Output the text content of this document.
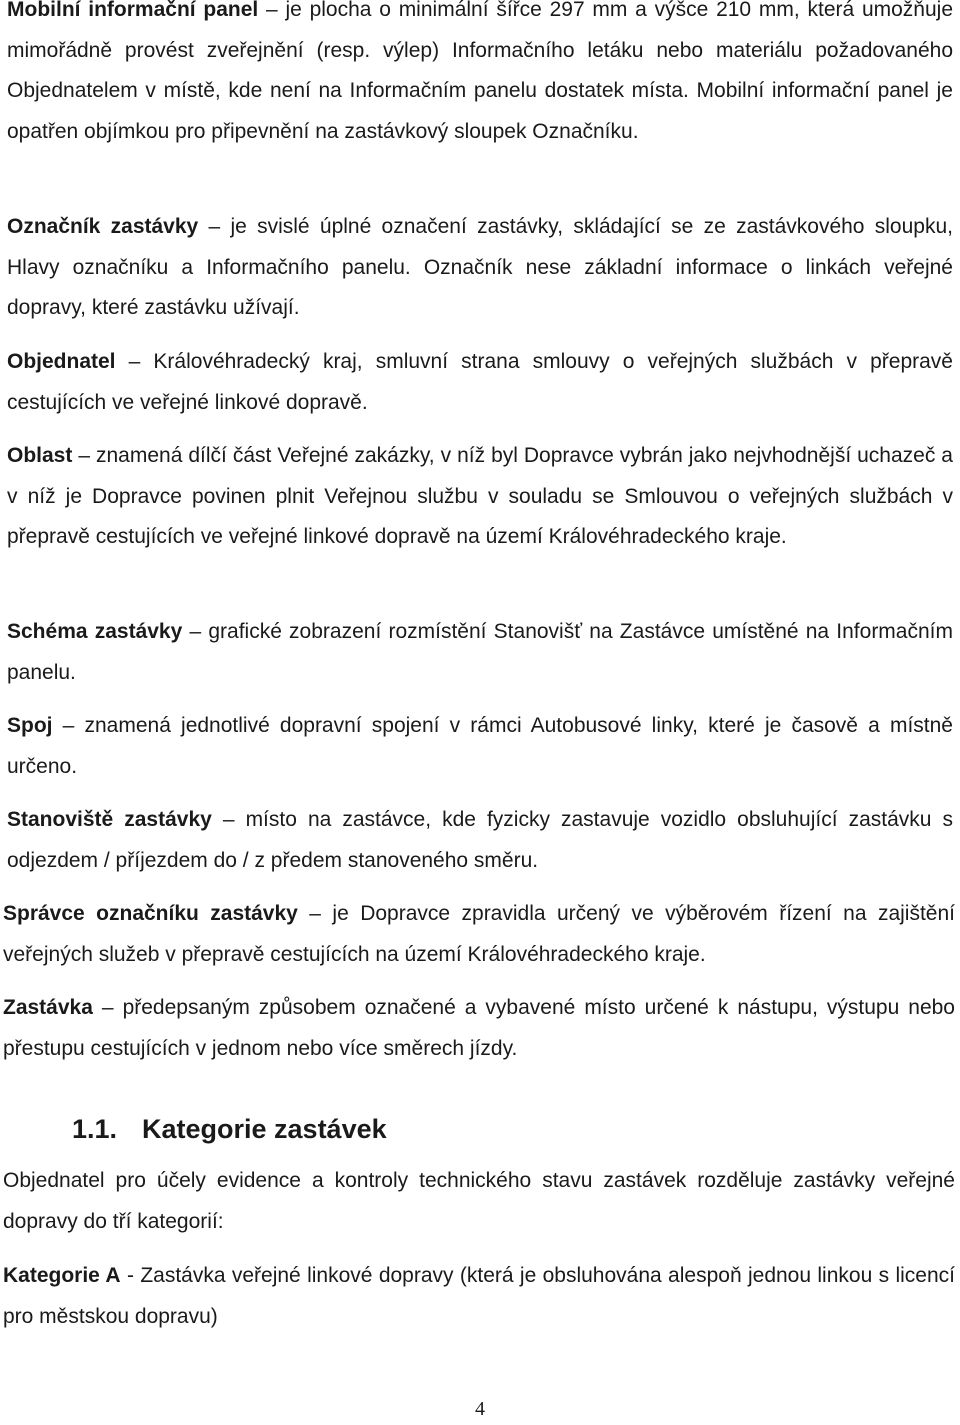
Mobilní informační panel – je plocha o minimální šířce 297 mm a výšce 210 mm, která umožňuje mimořádně provést zveřejnění (resp. výlep) Informačního letáku nebo materiálu požadovaného Objednatelem v místě, kde není na Informačním panelu dostatek místa. Mobilní informační panel je opatřen objímkou pro připevnění na zastávkový sloupek Označníku.

Označník zastávky – je svislé úplné označení zastávky, skládající se ze zastávkového sloupku, Hlavy označníku a Informačního panelu. Označník nese základní informace o linkách veřejné dopravy, které zastávku užívají.

Objednatel – Královéhradecký kraj, smluvní strana smlouvy o veřejných službách v přepravě cestujících ve veřejné linkové dopravě.

Oblast – znamená dílčí část Veřejné zakázky, v níž byl Dopravce vybrán jako nejvhodnější uchazeč a v níž je Dopravce povinen plnit Veřejnou službu v souladu se Smlouvou o veřejných službách v přepravě cestujících ve veřejné linkové dopravě na území Královéhradeckého kraje.

Schéma zastávky – grafické zobrazení rozmístění Stanovišť na Zastávce umístěné na Informačním panelu.

Spoj – znamená jednotlivé dopravní spojení v rámci Autobusové linky, které je časově a místně určeno.

Stanoviště zastávky – místo na zastávce, kde fyzicky zastavuje vozidlo obsluhující zastávku s odjezdem / příjezdem do / z předem stanoveného směru.

Správce označníku zastávky – je Dopravce zpravidla určený ve výběrovém řízení na zajištění veřejných služeb v přepravě cestujících na území Královéhradeckého kraje.

Zastávka – předepsaným způsobem označené a vybavené místo určené k nástupu, výstupu nebo přestupu cestujících v jednom nebo více směrech jízdy.

1.1. Kategorie zastávek

Objednatel pro účely evidence a kontroly technického stavu zastávek rozděluje zastávky veřejné dopravy do tří kategorií:

Kategorie A - Zastávka veřejné linkové dopravy (která je obsluhována alespoň jednou linkou s licencí pro městskou dopravu)

4
